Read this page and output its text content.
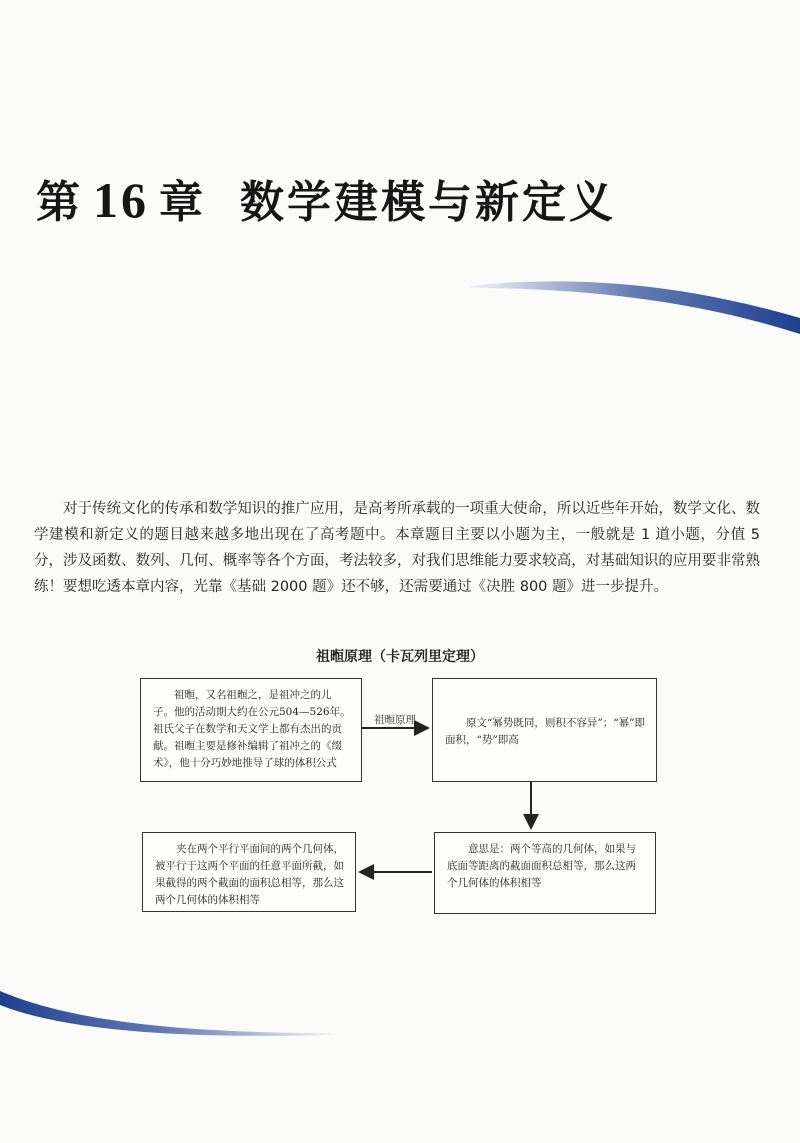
第 16 章 数学建模与新定义

对于传统文化的传承和数学知识的推广应用，是高考所承载的一项重大使命，所以近些年开始，数学文化、数学建模和新定义的题目越来越多地出现在了高考题中。本章题目主要以小题为主，一般就是 1 道小题，分值 5 分，涉及函数、数列、几何、概率等各个方面，考法较多，对我们思维能力要求较高，对基础知识的应用要非常熟练！要想吃透本章内容，光靠《基础 2000 题》还不够，还需要通过《决胜 800 题》进一步提升。

祖暅原理（卡瓦列里定理）

祖暅，又名祖暅之，是祖冲之的儿子。他的活动期大约在公元504—526年。祖氏父子在数学和天文学上都有杰出的贡献。祖暅主要是修补编辑了祖冲之的《缀术》，他十分巧妙地推导了球的体积公式

祖暅原理	原文“幂势既同，则积不容异”；“幂”即面积，“势”即高

意思是：两个等高的几何体，如果与底面等距离的截面面积总相等，那么这两个几何体的体积相等

夹在两个平行平面间的两个几何体，被平行于这两个平面的任意平面所截，如果截得的两个截面的面积总相等，那么这两个几何体的体积相等
